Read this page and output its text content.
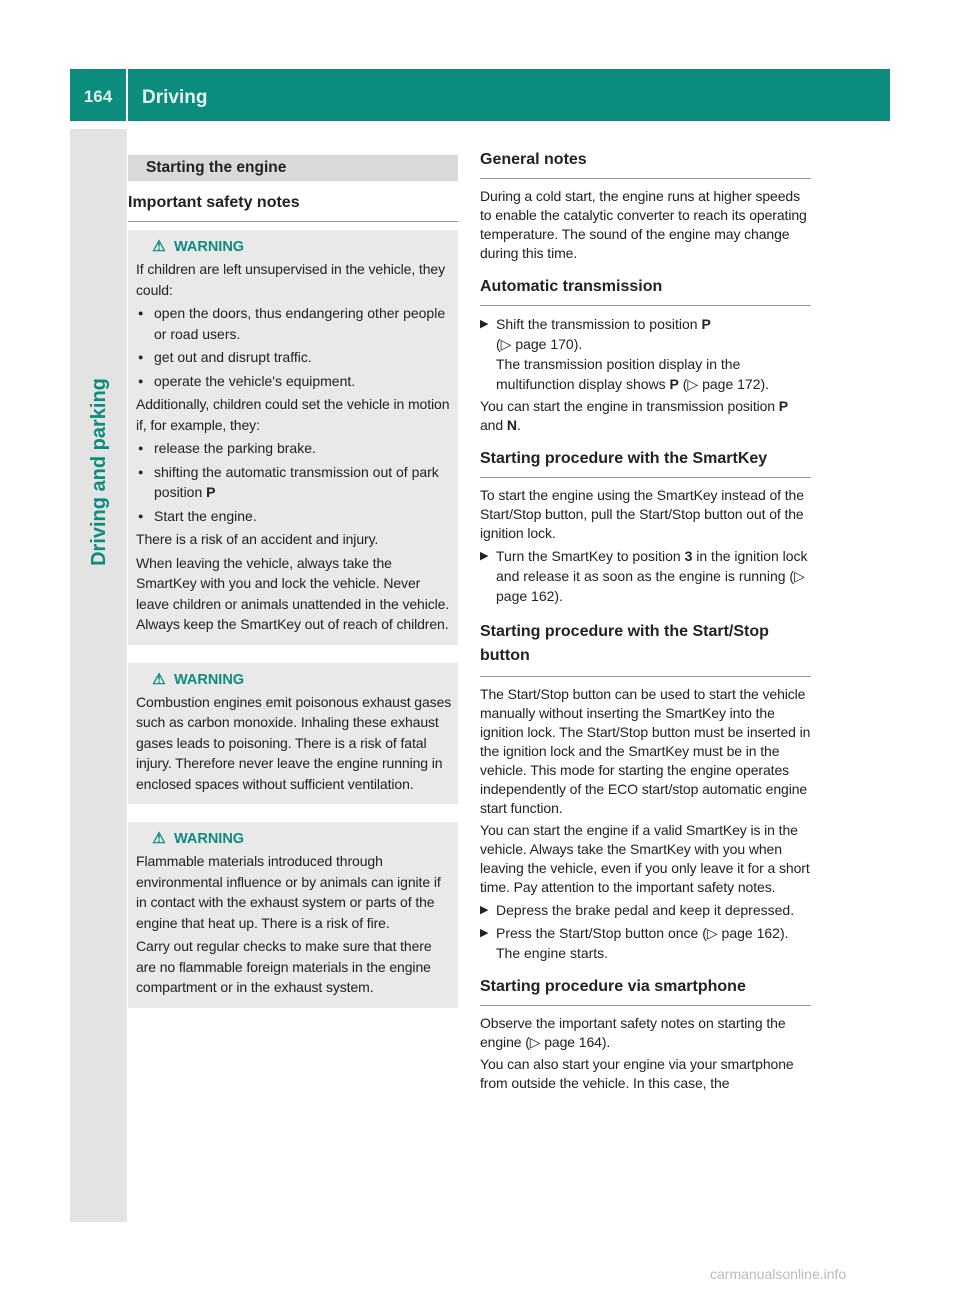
164	Driving
Driving and parking
Starting the engine
Important safety notes
⚠ WARNING

If children are left unsupervised in the vehicle, they could:

● open the doors, thus endangering other people or road users.
● get out and disrupt traffic.
● operate the vehicle's equipment.

Additionally, children could set the vehicle in motion if, for example, they:

● release the parking brake.
● shifting the automatic transmission out of park position P
● Start the engine.

There is a risk of an accident and injury.

When leaving the vehicle, always take the SmartKey with you and lock the vehicle. Never leave children or animals unattended in the vehicle. Always keep the SmartKey out of reach of children.

⚠ WARNING

Combustion engines emit poisonous exhaust gases such as carbon monoxide. Inhaling these exhaust gases leads to poisoning. There is a risk of fatal injury. Therefore never leave the engine running in enclosed spaces without sufficient ventilation.

⚠ WARNING

Flammable materials introduced through environmental influence or by animals can ignite if in contact with the exhaust system or parts of the engine that heat up. There is a risk of fire.

Carry out regular checks to make sure that there are no flammable foreign materials in the engine compartment or in the exhaust system.

General notes

During a cold start, the engine runs at higher speeds to enable the catalytic converter to reach its operating temperature. The sound of the engine may change during this time.

Automatic transmission
▶ Shift the transmission to position P
(▷ page 170).
The transmission position display in the multifunction display shows P (▷ page 172).

You can start the engine in transmission position P and N.

Starting procedure with the SmartKey

To start the engine using the SmartKey instead of the Start/Stop button, pull the Start/Stop button out of the ignition lock.

▶ Turn the SmartKey to position 3 in the ignition lock and release it as soon as the engine is running (▷ page 162).
Starting procedure with the Start/Stop button

The Start/Stop button can be used to start the vehicle manually without inserting the SmartKey into the ignition lock. The Start/Stop button must be inserted in the ignition lock and the SmartKey must be in the vehicle. This mode for starting the engine operates independently of the ECO start/stop automatic engine start function.

You can start the engine if a valid SmartKey is in the vehicle. Always take the SmartKey with you when leaving the vehicle, even if you only leave it for a short time. Pay attention to the important safety notes.

▶ Depress the brake pedal and keep it depressed.
▶ Press the Start/Stop button once (▷ page 162).
The engine starts.
Starting procedure via smartphone

Observe the important safety notes on starting the engine (▷ page 164).

You can also start your engine via your smartphone from outside the vehicle. In this case, the

carmanualsonline.info
